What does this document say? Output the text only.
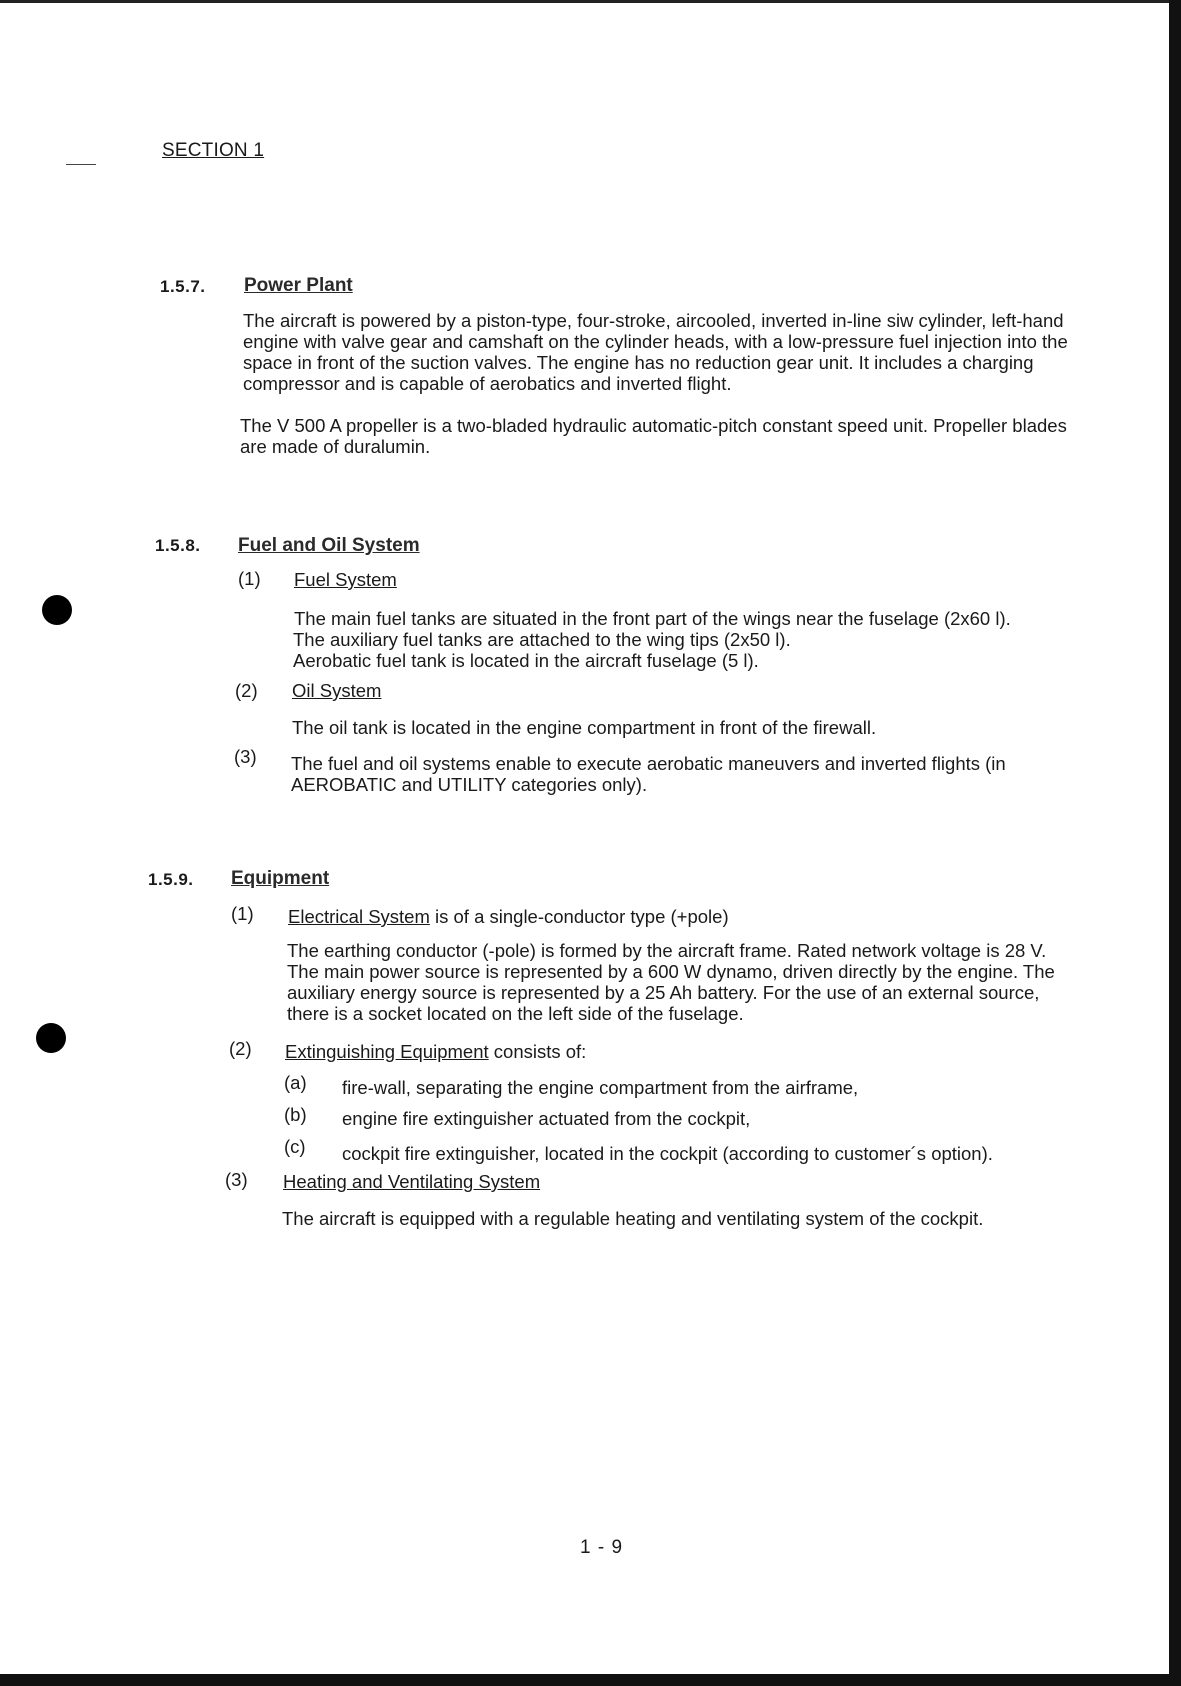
SECTION 1
1.5.7. Power Plant

The aircraft is powered by a piston-type, four-stroke, aircooled, inverted in-line siw cylinder, left-hand engine with valve gear and camshaft on the cylinder heads, with a low-pressure fuel injection into the space in front of the suction valves. The engine has no reduction gear unit. It includes a charging compressor and is capable of aerobatics and inverted flight.

The V 500 A propeller is a two-bladed hydraulic automatic-pitch constant speed unit. Propeller blades are made of duralumin.

1.5.8. Fuel and Oil System
(1) Fuel System
The main fuel tanks are situated in the front part of the wings near the fuselage (2x60 l).
The auxiliary fuel tanks are attached to the wing tips (2x50 l).
Aerobatic fuel tank is located in the aircraft fuselage (5 l).
(2) Oil System
The oil tank is located in the engine compartment in front of the firewall.
(3) The fuel and oil systems enable to execute aerobatic maneuvers and inverted flights (in AEROBATIC and UTILITY categories only).

1.5.9. Equipment
(1) Electrical System is of a single-conductor type (+pole)

The earthing conductor (-pole) is formed by the aircraft frame. Rated network voltage is 28 V. The main power source is represented by a 600 W dynamo, driven directly by the engine. The auxiliary energy source is represented by a 25 Ah battery. For the use of an external source, there is a socket located on the left side of the fuselage.

(2) Extinguishing Equipment consists of:
(a) fire-wall, separating the engine compartment from the airframe,
(b) engine fire extinguisher actuated from the cockpit,
(c) cockpit fire extinguisher, located in the cockpit (according to customer´s option).
(3) Heating and Ventilating System
The aircraft is equipped with a regulable heating and ventilating system of the cockpit.
1 - 9
